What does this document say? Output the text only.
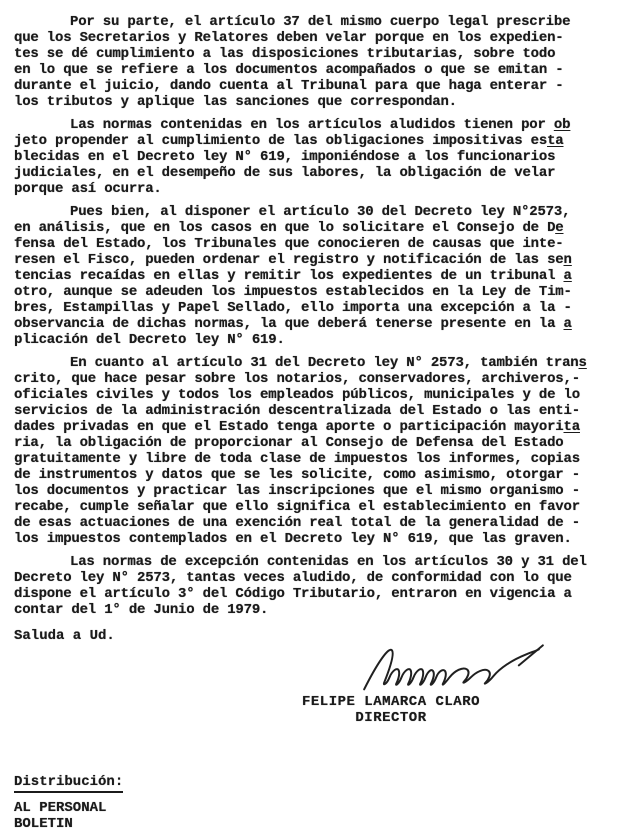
Por su parte, el artículo 37 del mismo cuerpo legal prescribe
que los Secretarios y Relatores deben velar porque en los expedien-
tes se dé cumplimiento a las disposiciones tributarias, sobre todo
en lo que se refiere a los documentos acompañados o que se emitan -
durante el juicio, dando cuenta al Tribunal para que haga enterar -
los tributos y aplique las sanciones que correspondan.
Las normas contenidas en los artículos aludidos tienen por ob
jeto propender al cumplimiento de las obligaciones impositivas esta
blecidas en el Decreto ley N° 619, imponiéndose a los funcionarios
judiciales, en el desempeño de sus labores, la obligación de velar
porque así ocurra.
Pues bien, al disponer el artículo 30 del Decreto ley N°2573,
en análisis, que en los casos en que lo solicitare el Consejo de De
fensa del Estado, los Tribunales que conocieren de causas que inte-
resen el Fisco, pueden ordenar el registro y notificación de las sen
tencias recaídas en ellas y remitir los expedientes de un tribunal a
otro, aunque se adeuden los impuestos establecidos en la Ley de Tim-
bres, Estampillas y Papel Sellado, ello importa una excepción a la -
observancia de dichas normas, la que deberá tenerse presente en la a
plicación del Decreto ley N° 619.
En cuanto al artículo 31 del Decreto ley N° 2573, también trans
crito, que hace pesar sobre los notarios, conservadores, archiveros,-
oficiales civiles y todos los empleados públicos, municipales y de lo
servicios de la administración descentralizada del Estado o las enti-
dades privadas en que el Estado tenga aporte o participación mayorita
ria, la obligación de proporcionar al Consejo de Defensa del Estado
gratuitamente y libre de toda clase de impuestos los informes, copias
de instrumentos y datos que se les solicite, como asimismo, otorgar -
los documentos y practicar las inscripciones que el mismo organismo -
recabe, cumple señalar que ello significa el establecimiento en favor
de esas actuaciones de una exención real total de la generalidad de -
los impuestos contemplados en el Decreto ley N° 619, que las graven.
Las normas de excepción contenidas en los artículos 30 y 31 del
Decreto ley N° 2573, tantas veces aludido, de conformidad con lo que
dispone el artículo 3° del Código Tributario, entraron en vigencia a
contar del 1° de Junio de 1979.
Saluda a Ud.
FELIPE LAMARCA CLARO
DIRECTOR
Distribución:
AL PERSONAL
BOLETIN
